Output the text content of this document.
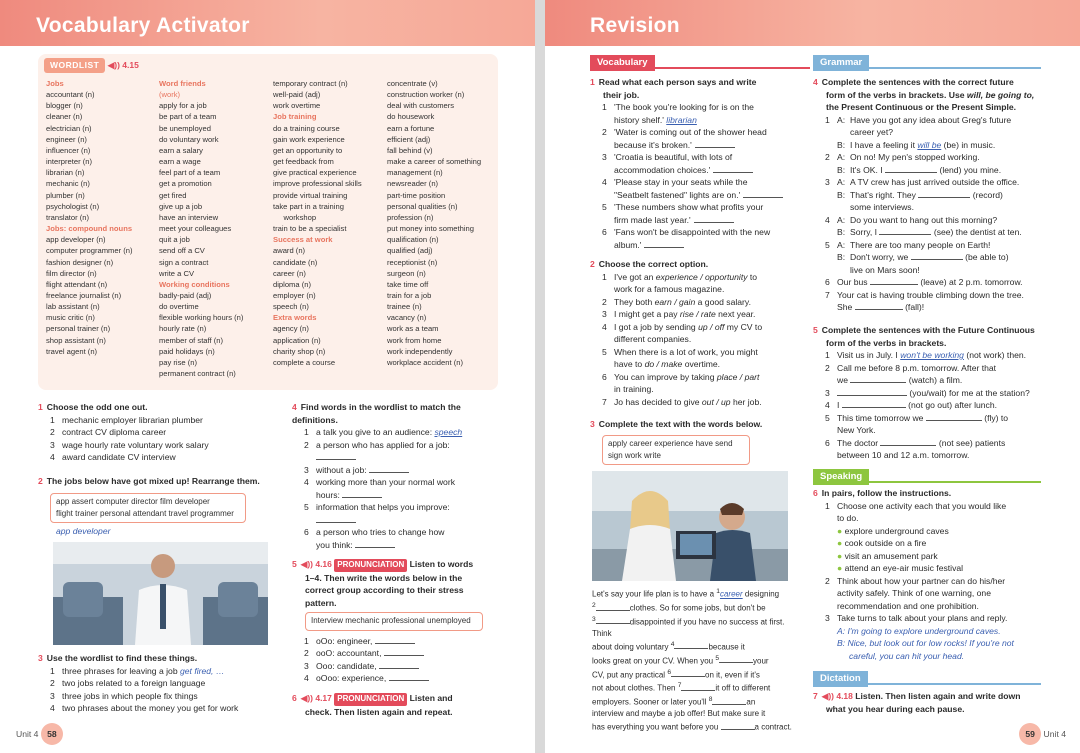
Vocabulary Activator
WORDLIST ◀)) 4.15
Jobs
accountant (n)
blogger (n)
cleaner (n)
electrician (n)
engineer (n)
influencer (n)
interpreter (n)
librarian (n)
mechanic (n)
plumber (n)
psychologist (n)
translator (n)
Jobs: compound nouns
app developer (n)
computer programmer (n)
fashion designer (n)
film director (n)
flight attendant (n)
freelance journalist (n)
lab assistant (n)
music critic (n)
personal trainer (n)
shop assistant (n)
travel agent (n)
Word friends
(work)
apply for a job
be part of a team
be unemployed
do voluntary work
earn a salary
earn a wage
feel part of a team
get a promotion
get fired
give up a job
have an interview
meet your colleagues
quit a job
send off a CV
sign a contract
write a CV
Working conditions
badly-paid (adj)
do overtime
flexible working hours (n)
hourly rate (n)
member of staff (n)
paid holidays (n)
pay rise (n)
permanent contract (n)
temporary contract (n)
well-paid (adj)
work overtime
Job training
do a training course
gain work experience
get an opportunity to
get feedback from
give practical experience
improve professional skills
provide virtual training
take part in a training
workshop
train to be a specialist
Success at work
award (n)
candidate (n)
career (n)
diploma (n)
employer (n)
speech (n)
Extra words
agency (n)
application (n)
charity shop (n)
complete a course
concentrate (v)
construction worker (n)
deal with customers
do housework
earn a fortune
efficient (adj)
fall behind (v)
make a career of something
management (n)
newsreader (n)
part-time position
personal qualities (n)
profession (n)
put money into something
qualification (n)
qualified (adj)
receptionist (n)
surgeon (n)
take time off
train for a job
trainee (n)
vacancy (n)
work as a team
work from home
work independently
workplace accident (n)
1 Choose the odd one out.
1 mechanic employer librarian plumber
2 contract CV diploma career
3 wage hourly rate voluntary work salary
4 award candidate CV interview
2 The jobs below have got mixed up! Rearrange them.
app assert computer director film developer
flight trainer personal attendant travel programmer
app developer
3 Use the wordlist to find these things.
1 three phrases for leaving a job get fired, …
2 two jobs related to a foreign language
3 three jobs in which people fix things
4 two phrases about the money you get for work
4 Find words in the wordlist to match the definitions.
1 a talk you give to an audience: speech
2 a person who has applied for a job:

3 without a job:
4 working more than your normal work
hours:
5 information that helps you improve:

6 a person who tries to change how
you think:
5 ◀)) 4.16 PRONUNCIATION Listen to words
1–4. Then write the words below in the
correct group according to their stress
pattern.
Interview mechanic professional unemployed
1 oOo: engineer,
2 ooO: accountant,
3 Ooo: candidate,
4 oOoo: experience,
6 ◀)) 4.17 PRONUNCIATION Listen and
check. Then listen again and repeat.
Unit 4 58
Revision
Vocabulary
1 Read what each person says and write
their job.
1 'The book you're looking for is on the
history shelf.' librarian
2 'Water is coming out of the shower head
because it's broken.'
3 'Croatia is beautiful, with lots of
accommodation choices.'
4 'Please stay in your seats while the
"Seatbelt fastened" lights are on.'
5 'These numbers show what profits your
firm made last year.'
6 'Fans won't be disappointed with the new
album.'
2 Choose the correct option.
1 I've got an experience / opportunity to
work for a famous magazine.
2 They both earn / gain a good salary.
3 I might get a pay rise / rate next year.
4 I got a job by sending up / off my CV to
different companies.
5 When there is a lot of work, you might
have to do / make overtime.
6 You can improve by taking place / part
in training.
7 Jo has decided to give out / up her job.
3 Complete the text with the words below.
apply career experience have send
sign work write
Let's say your life plan is to have a $^1$career designing
$^2$	clothes. So for some jobs, but don't be
$^3$	disappointed if you have no success at first. Think
about doing voluntary $^4$	because it
looks great on your CV. When you $^5$	your
CV, put any practical $^6$	on it, even if it's
not about clothes. Then $^7$	it off to different
employers. Sooner or later you'll $^8$	an
interview and maybe a job offer! But make sure it
has everything you want before you	a contract.
Grammar
4 Complete the sentences with the correct future
form of the verbs in brackets. Use will, be going to,
the Present Continuous or the Present Simple.
1 A: Have you got any idea about Greg's future
career yet?
B: I have a feeling it will be (be) in music.
2 A: On no! My pen's stopped working.
B: It's OK. I	(lend) you mine.
3 A: A TV crew has just arrived outside the office.
B: That's right. They	(record)
some interviews.
4 A: Do you want to hang out this morning?
B: Sorry, I	(see) the dentist at ten.
5 A: There are too many people on Earth!
B: Don't worry, we	(be able to)
live on Mars soon!
6 Our bus	(leave) at 2 p.m. tomorrow.
7 Your cat is having trouble climbing down the tree.
She	(fall)!
5 Complete the sentences with the Future Continuous
form of the verbs in brackets.
1 Visit us in July. I won't be working (not work) then.
2 Call me before 8 p.m. tomorrow. After that
we	(watch) a film.
3	(you/wait) for me at the station?
4 I	(not go out) after lunch.
5 This time tomorrow we	(fly) to
New York.
6 The doctor	(not see) patients
between 10 and 12 a.m. tomorrow.
Speaking
6 In pairs, follow the instructions.
1 Choose one activity each that you would like
to do.
● explore underground caves
● cook outside on a fire
● visit an amusement park
● attend an eye-air music festival
2 Think about how your partner can do his/her
activity safely. Think of one warning, one
recommendation and one prohibition.
3 Take turns to talk about your plans and reply.
A: I'm going to explore underground caves.
B: Nice, but look out for low rocks! If you're not
careful, you can hit your head.
Dictation
7 ◀)) 4.18 Listen. Then listen again and write down
what you hear during each pause.
59 Unit 4
